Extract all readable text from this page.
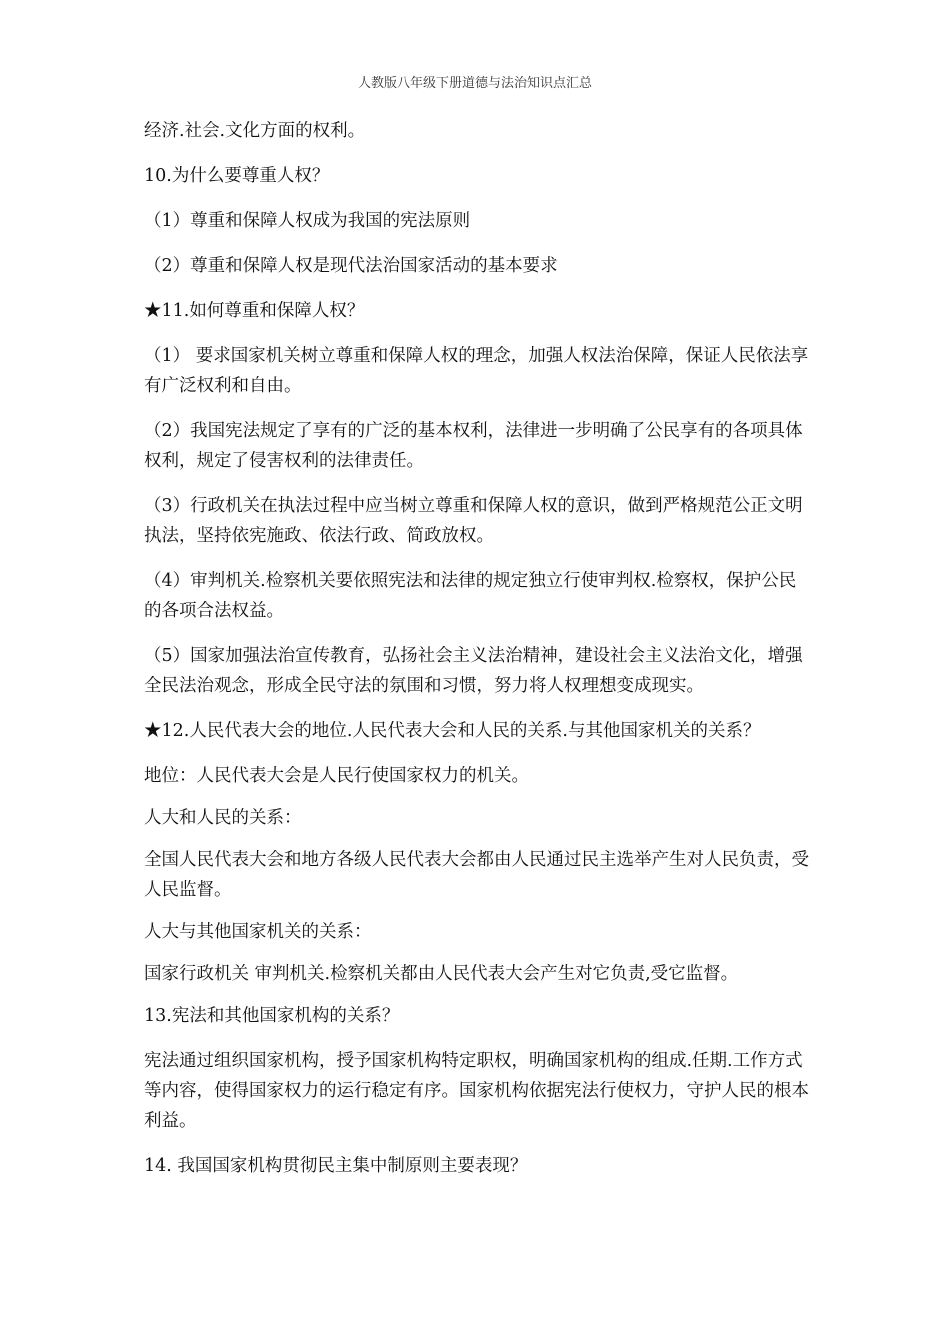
人教版八年级下册道德与法治知识点汇总

经济.社会.文化方面的权利。

10.为什么要尊重人权？

（1）尊重和保障人权成为我国的宪法原则

（2）尊重和保障人权是现代法治国家活动的基本要求

★11.如何尊重和保障人权？

（1） 要求国家机关树立尊重和保障人权的理念，加强人权法治保障，保证人民依法享有广泛权利和自由。

（2）我国宪法规定了享有的广泛的基本权利，法律进一步明确了公民享有的各项具体权利，规定了侵害权利的法律责任。

（3）行政机关在执法过程中应当树立尊重和保障人权的意识，做到严格规范公正文明执法，坚持依宪施政、依法行政、简政放权。

（4）审判机关.检察机关要依照宪法和法律的规定独立行使审判权.检察权，保护公民的各项合法权益。

（5）国家加强法治宣传教育，弘扬社会主义法治精神，建设社会主义法治文化，增强全民法治观念，形成全民守法的氛围和习惯，努力将人权理想变成现实。

★12.人民代表大会的地位.人民代表大会和人民的关系.与其他国家机关的关系？

地位：人民代表大会是人民行使国家权力的机关。

人大和人民的关系：

全国人民代表大会和地方各级人民代表大会都由人民通过民主选举产生对人民负责，受人民监督。

人大与其他国家机关的关系：

国家行政机关 审判机关.检察机关都由人民代表大会产生对它负责,受它监督。

13.宪法和其他国家机构的关系？

宪法通过组织国家机构，授予国家机构特定职权，明确国家机构的组成.任期.工作方式等内容，使得国家权力的运行稳定有序。国家机构依据宪法行使权力，守护人民的根本利益。

14. 我国国家机构贯彻民主集中制原则主要表现？
